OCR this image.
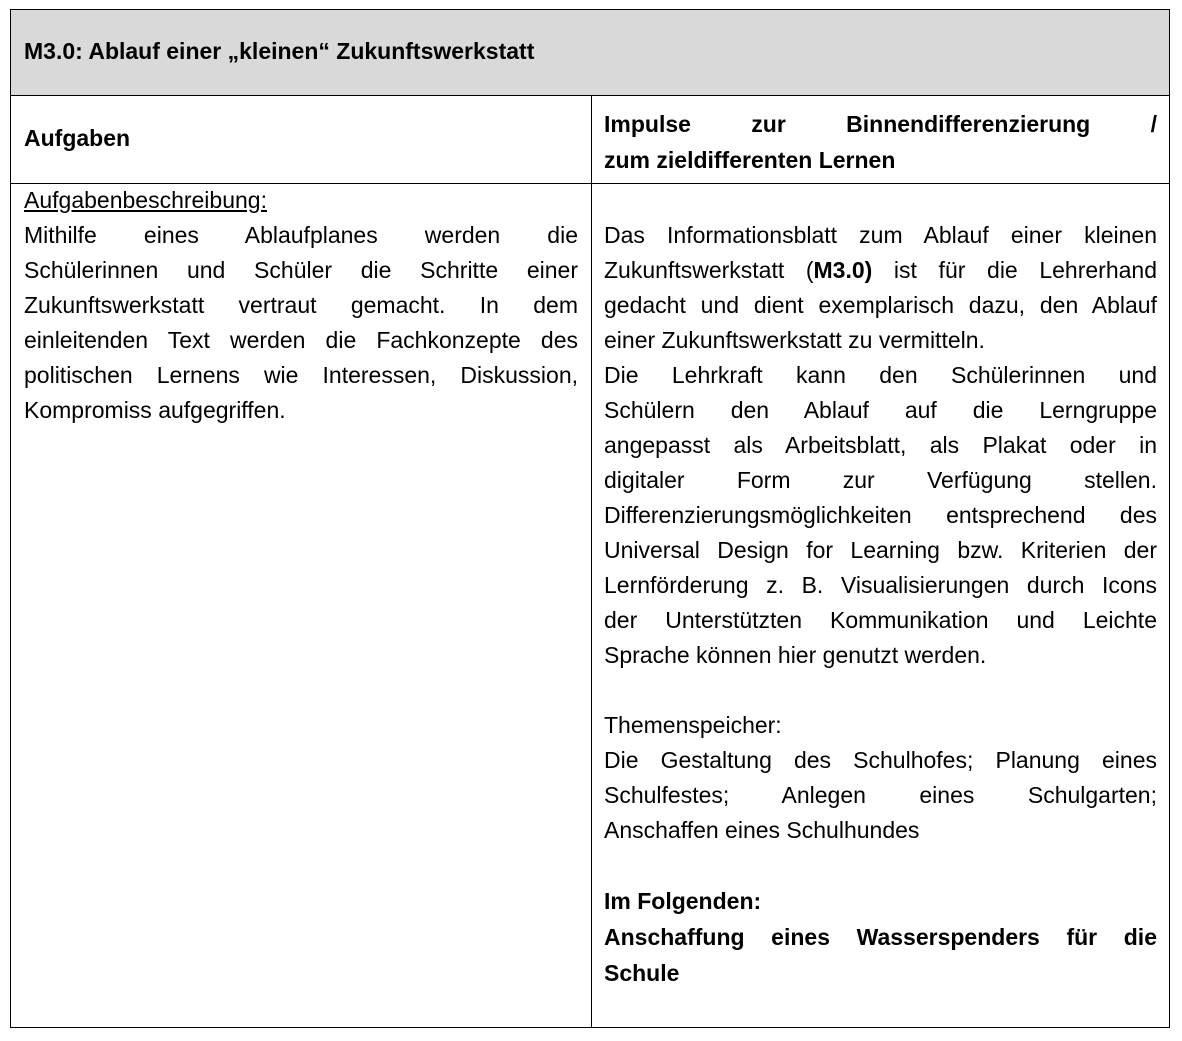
M3.0: Ablauf einer „kleinen“ Zukunftswerkstatt
Aufgaben
Impulse zur Binnendifferenzierung /
zum zieldifferenten Lernen
Aufgabenbeschreibung:
Mithilfe eines Ablaufplanes werden die
Schülerinnen und Schüler die Schritte einer
Zukunftswerkstatt vertraut gemacht. In dem
einleitenden Text werden die Fachkonzepte des
politischen Lernens wie Interessen, Diskussion,
Kompromiss aufgegriffen.
Das Informationsblatt zum Ablauf einer kleinen
Zukunftswerkstatt (M3.0) ist für die Lehrerhand
gedacht und dient exemplarisch dazu, den Ablauf
einer Zukunftswerkstatt zu vermitteln.
Die Lehrkraft kann den Schülerinnen und
Schülern den Ablauf auf die Lerngruppe
angepasst als Arbeitsblatt, als Plakat oder in
digitaler Form zur Verfügung stellen.
Differenzierungsmöglichkeiten entsprechend des
Universal Design for Learning bzw. Kriterien der
Lernförderung z. B. Visualisierungen durch Icons
der Unterstützten Kommunikation und Leichte
Sprache können hier genutzt werden.
Themenspeicher:
Die Gestaltung des Schulhofes; Planung eines
Schulfestes; Anlegen eines Schulgarten;
Anschaffen eines Schulhundes
Im Folgenden:
Anschaffung eines Wasserspenders für die
Schule
